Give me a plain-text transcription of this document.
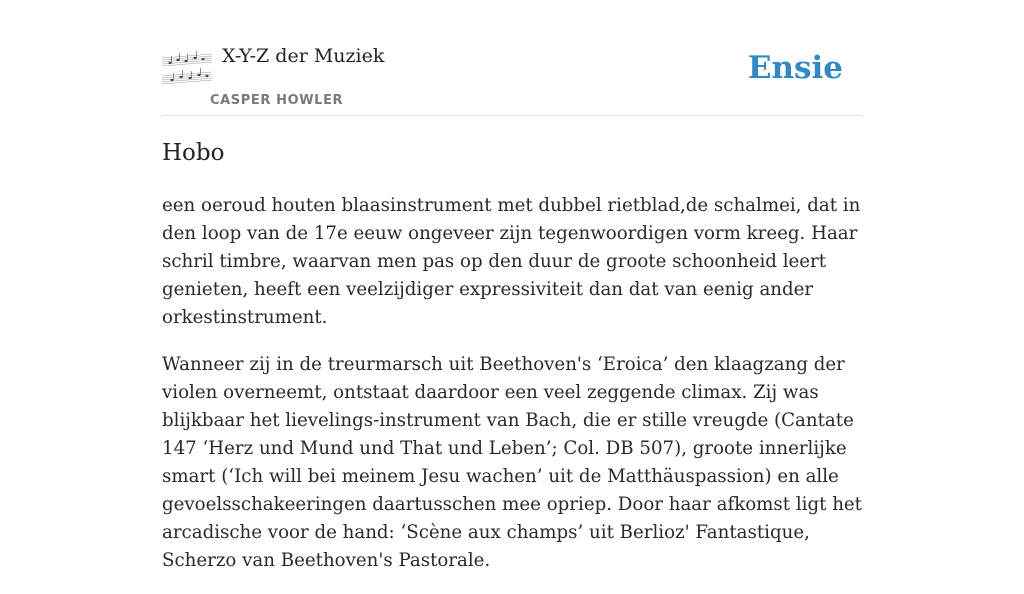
X-Y-Z der Muziek
CASPER HOWLER
Ensie
Hobo

een oeroud houten blaasinstrument met dubbel rietblad,de schalmei, dat in den loop van de 17e eeuw ongeveer zijn tegenwoordigen vorm kreeg. Haar schril timbre, waarvan men pas op den duur de groote schoonheid leert genieten, heeft een veelzijdiger expressiviteit dan dat van eenig ander orkestinstrument.

Wanneer zij in de treurmarsch uit Beethoven's ‘Eroica’ den klaagzang der violen overneemt, ontstaat daardoor een veel zeggende climax. Zij was blijkbaar het lievelings-instrument van Bach, die er stille vreugde (Cantate 147 ‘Herz und Mund und That und Leben’; Col. DB 507), groote innerlijke smart (‘Ich will bei meinem Jesu wachen’ uit de Matthäuspassion) en alle gevoelsschakeeringen daartusschen mee opriep. Door haar afkomst ligt het arcadische voor de hand: ‘Scène aux champs’ uit Berlioz' Fantastique, Scherzo van Beethoven's Pastorale.
